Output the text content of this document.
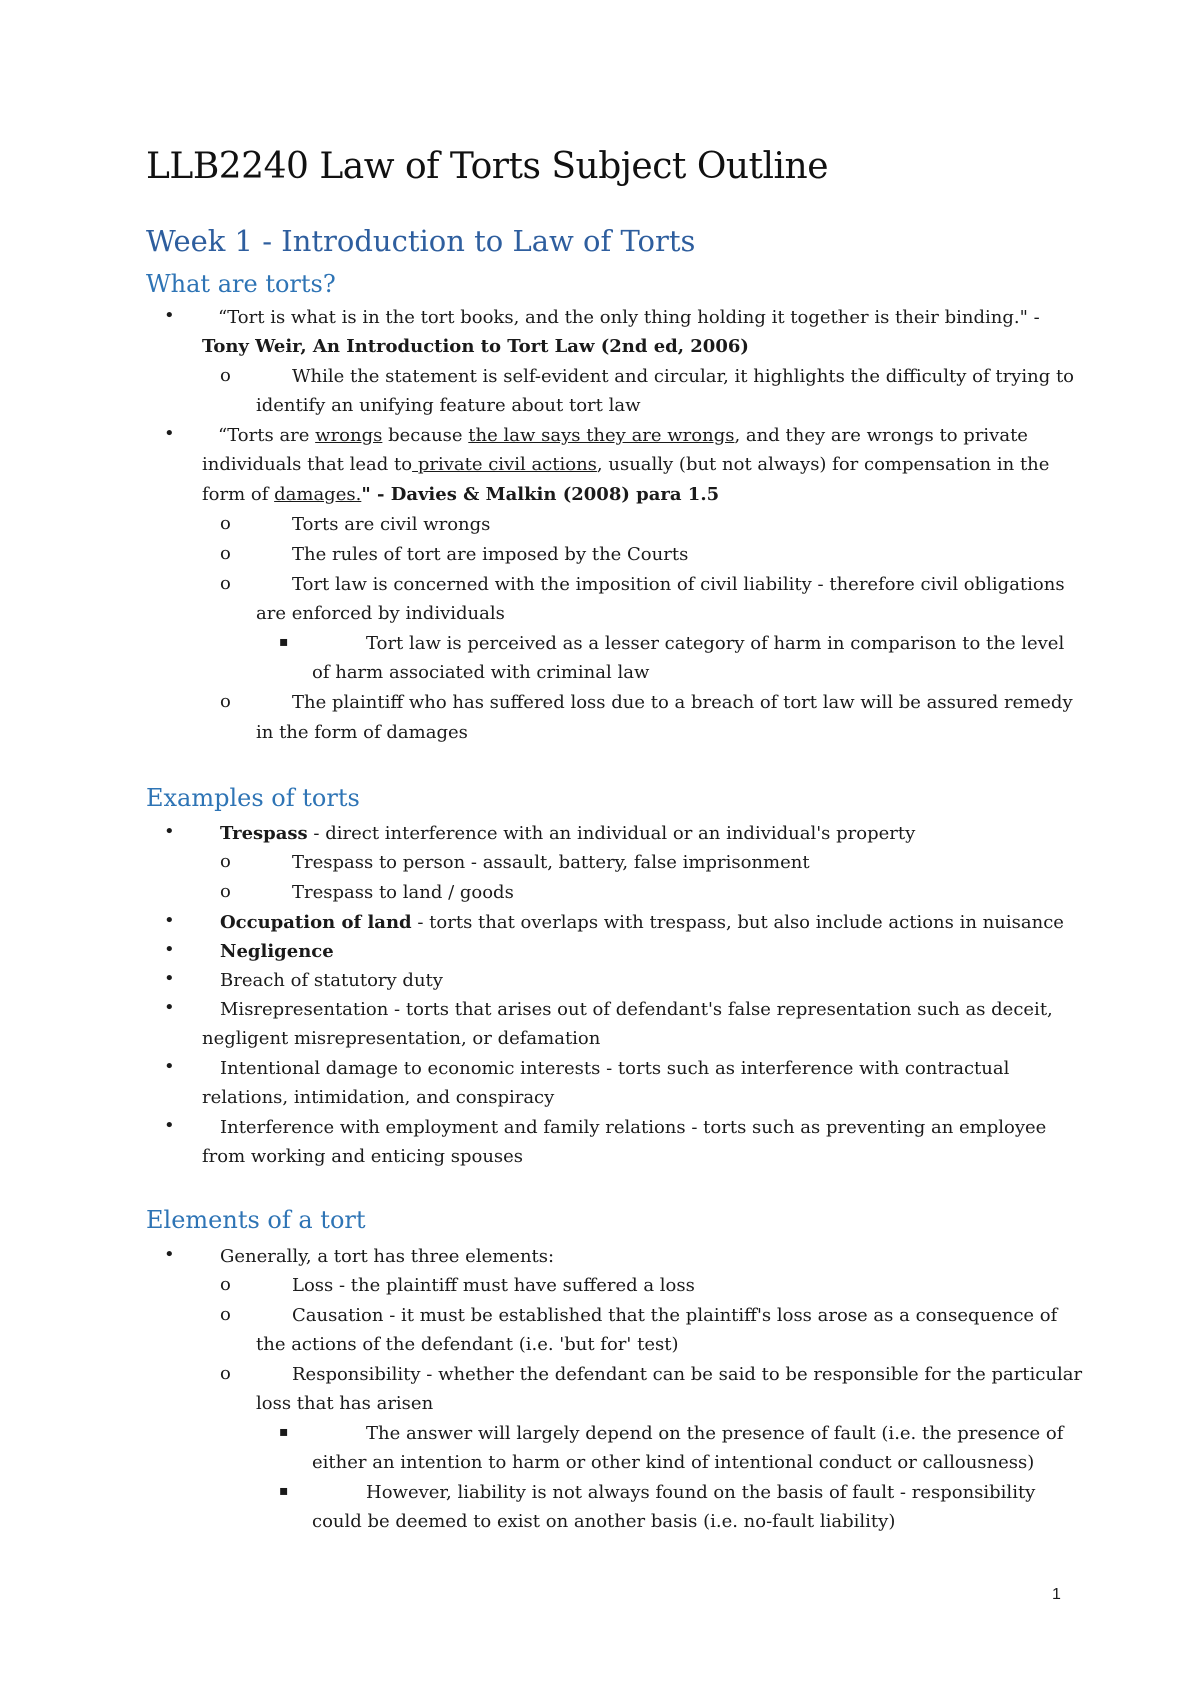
LLB2240 Law of Torts Subject Outline
Week 1 - Introduction to Law of Torts
What are torts?
• “Tort is what is in the tort books, and the only thing holding it together is their binding." -

Tony Weir, An Introduction to Tort Law (2nd ed, 2006)

o	While the statement is self-evident and circular, it highlights the difficulty of trying to

identify an unifying feature about tort law

• “Torts are wrongs because the law says they are wrongs, and they are wrongs to private

individuals that lead to private civil actions, usually (but not always) for compensation in the

form of damages." - Davies & Malkin (2008) para 1.5

o	Torts are civil wrongs

o	The rules of tort are imposed by the Courts

o	Tort law is concerned with the imposition of civil liability - therefore civil obligations

are enforced by individuals

▪	Tort law is perceived as a lesser category of harm in comparison to the level

of harm associated with criminal law

o	The plaintiff who has suffered loss due to a breach of tort law will be assured remedy

in the form of damages

Examples of torts
•	Trespass - direct interference with an individual or an individual's property

o	Trespass to person - assault, battery, false imprisonment

o	Trespass to land / goods

•	Occupation of land - torts that overlaps with trespass, but also include actions in nuisance

•	Negligence

•	Breach of statutory duty

•	Misrepresentation - torts that arises out of defendant's false representation such as deceit,

negligent misrepresentation, or defamation

•	Intentional damage to economic interests - torts such as interference with contractual

relations, intimidation, and conspiracy

•	Interference with employment and family relations - torts such as preventing an employee

from working and enticing spouses

Elements of a tort
•	Generally, a tort has three elements:

o	Loss - the plaintiff must have suffered a loss

o	Causation - it must be established that the plaintiff's loss arose as a consequence of

the actions of the defendant (i.e. 'but for' test)

o	Responsibility - whether the defendant can be said to be responsible for the particular

loss that has arisen

▪	The answer will largely depend on the presence of fault (i.e. the presence of

either an intention to harm or other kind of intentional conduct or callousness)

▪	However, liability is not always found on the basis of fault - responsibility

could be deemed to exist on another basis (i.e. no-fault liability)

1
